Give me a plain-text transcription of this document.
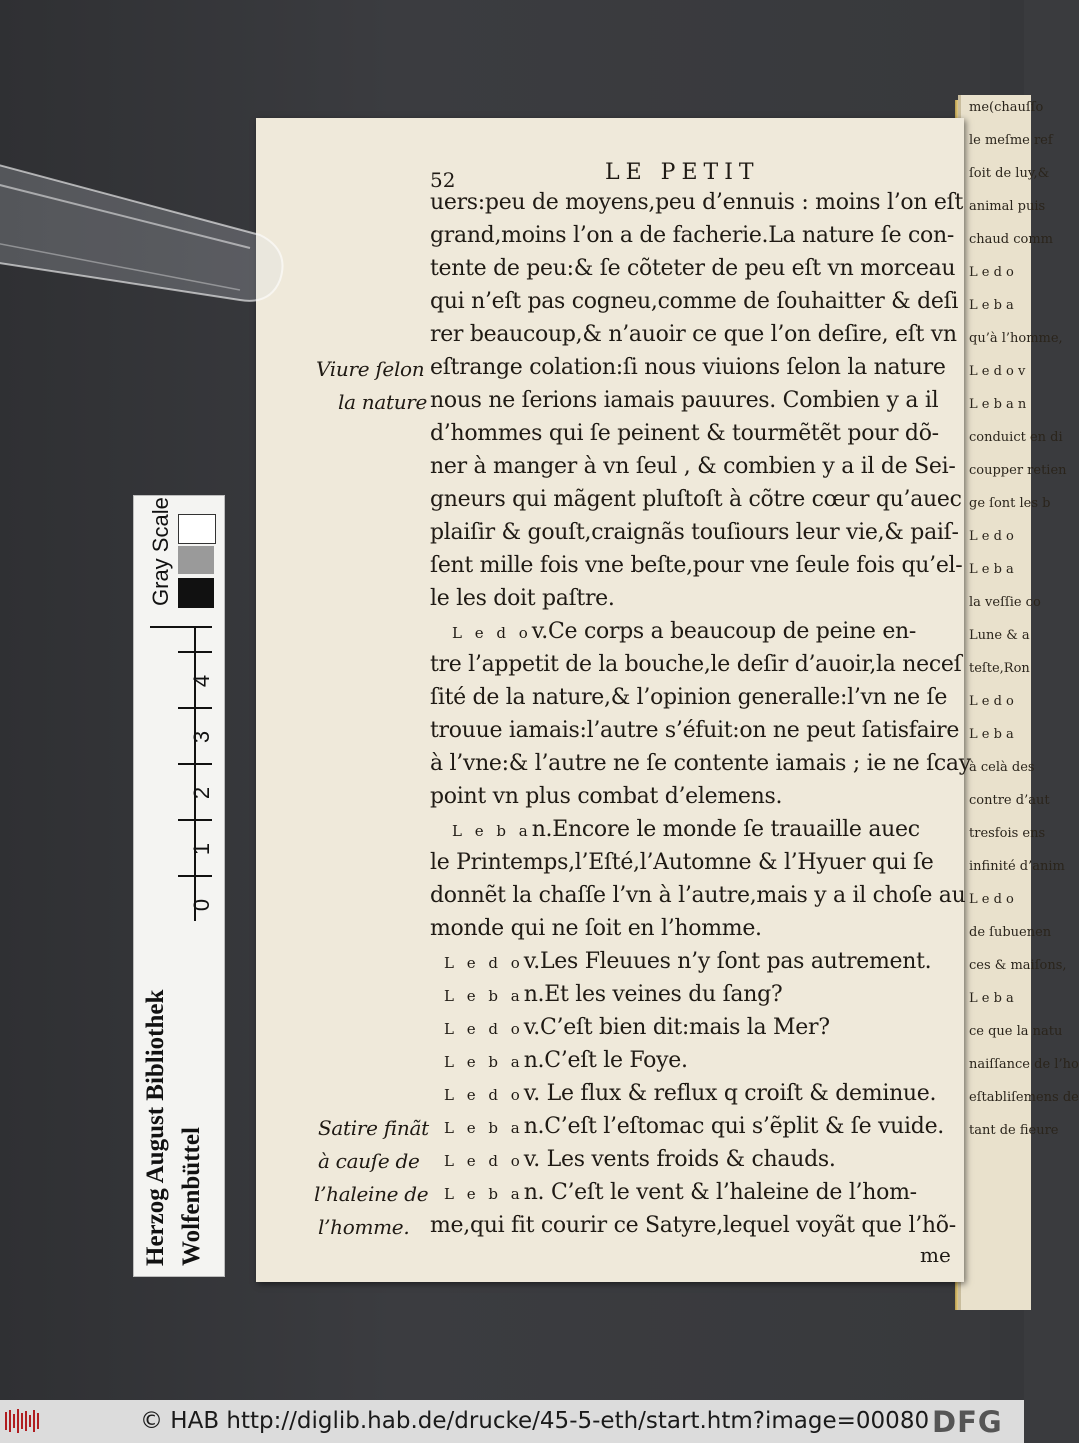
me(chauſſo
le meſme ref
ſoit de luy,&
animal puis
chaud comm
L e d o
L e b a
qu’à l’homme,
L e d o v
L e b a n
conduict en di
coupper retien
ge ſont les b
L e d o
L e b a
la veſſie co
Lune & a
teſte,Ron
L e d o
L e b a
à celà des
contre d’aut
tresfois ens
infinité d’anim
L e d o
de ſubuenen
ces & maiſons,
L e b a
ce que la natu
naiſſance de l’ho
eſtabliſemens de
tant de fieure
52	LE PETIT
uers:peu de moyens,peu d’ennuis : moins l’on eſt
grand,moins l’on a de facherie.La nature ſe con-
tente de peu:& ſe cõteter de peu eſt vn morceau
qui n’eſt pas cogneu,comme de ſouhaitter & deſi
rer beaucoup,& n’auoir ce que l’on deſire, eſt vn
eſtrange colation:ſi nous viuions ſelon la nature
nous ne ſerions iamais pauures. Combien y a il
d’hommes qui ſe peinent & tourmẽtẽt pour dõ-
ner à manger à vn ſeul , & combien y a il de Sei-
gneurs qui mãgent pluſtoſt à cõtre cœur qu’auec
plaiſir & gouſt,craignãs touſiours leur vie,& paiſ-
ſent mille fois vne beſte,pour vne ſeule fois qu’el-
le les doit paſtre.
L e d ov.Ce corps a beaucoup de peine en-
tre l’appetit de la bouche,le deſir d’auoir,la neceſ
ſité de la nature,& l’opinion generalle:l’vn ne ſe
trouue iamais:l’autre s’éfuit:on ne peut ſatisfaire
à l’vne:& l’autre ne ſe contente iamais ; ie ne ſcay
point vn plus combat d’elemens.
L e b an.Encore le monde ſe trauaille auec
le Printemps,l’Eſté,l’Automne & l’Hyuer qui ſe
donnẽt la chaſſe l’vn à l’autre,mais y a il choſe au
monde qui ne ſoit en l’homme.
L e d ov.Les Fleuues n’y ſont pas autrement.
L e b an.Et les veines du ſang?
L e d ov.C’eſt bien dit:mais la Mer?
L e b an.C’eſt le Foye.
L e d ov. Le flux & reflux q croiſt & deminue.
L e b an.C’eſt l’eſtomac qui s’ẽplit & ſe vuide.
L e d ov. Les vents froids & chauds.
L e b an. C’eſt le vent & l’haleine de l’hom-
me,qui fit courir ce Satyre,lequel voyãt que l’hõ-
me
Viure ſelon
la nature
Satire finãt
à cauſe de
l’haleine de
l’homme.
Gray Scale
0
1
2
3
4
Herzog August Bibliothek Wolfenbüttel
© HAB http://diglib.hab.de/drucke/45-5-eth/start.htm?image=00080 DFG
